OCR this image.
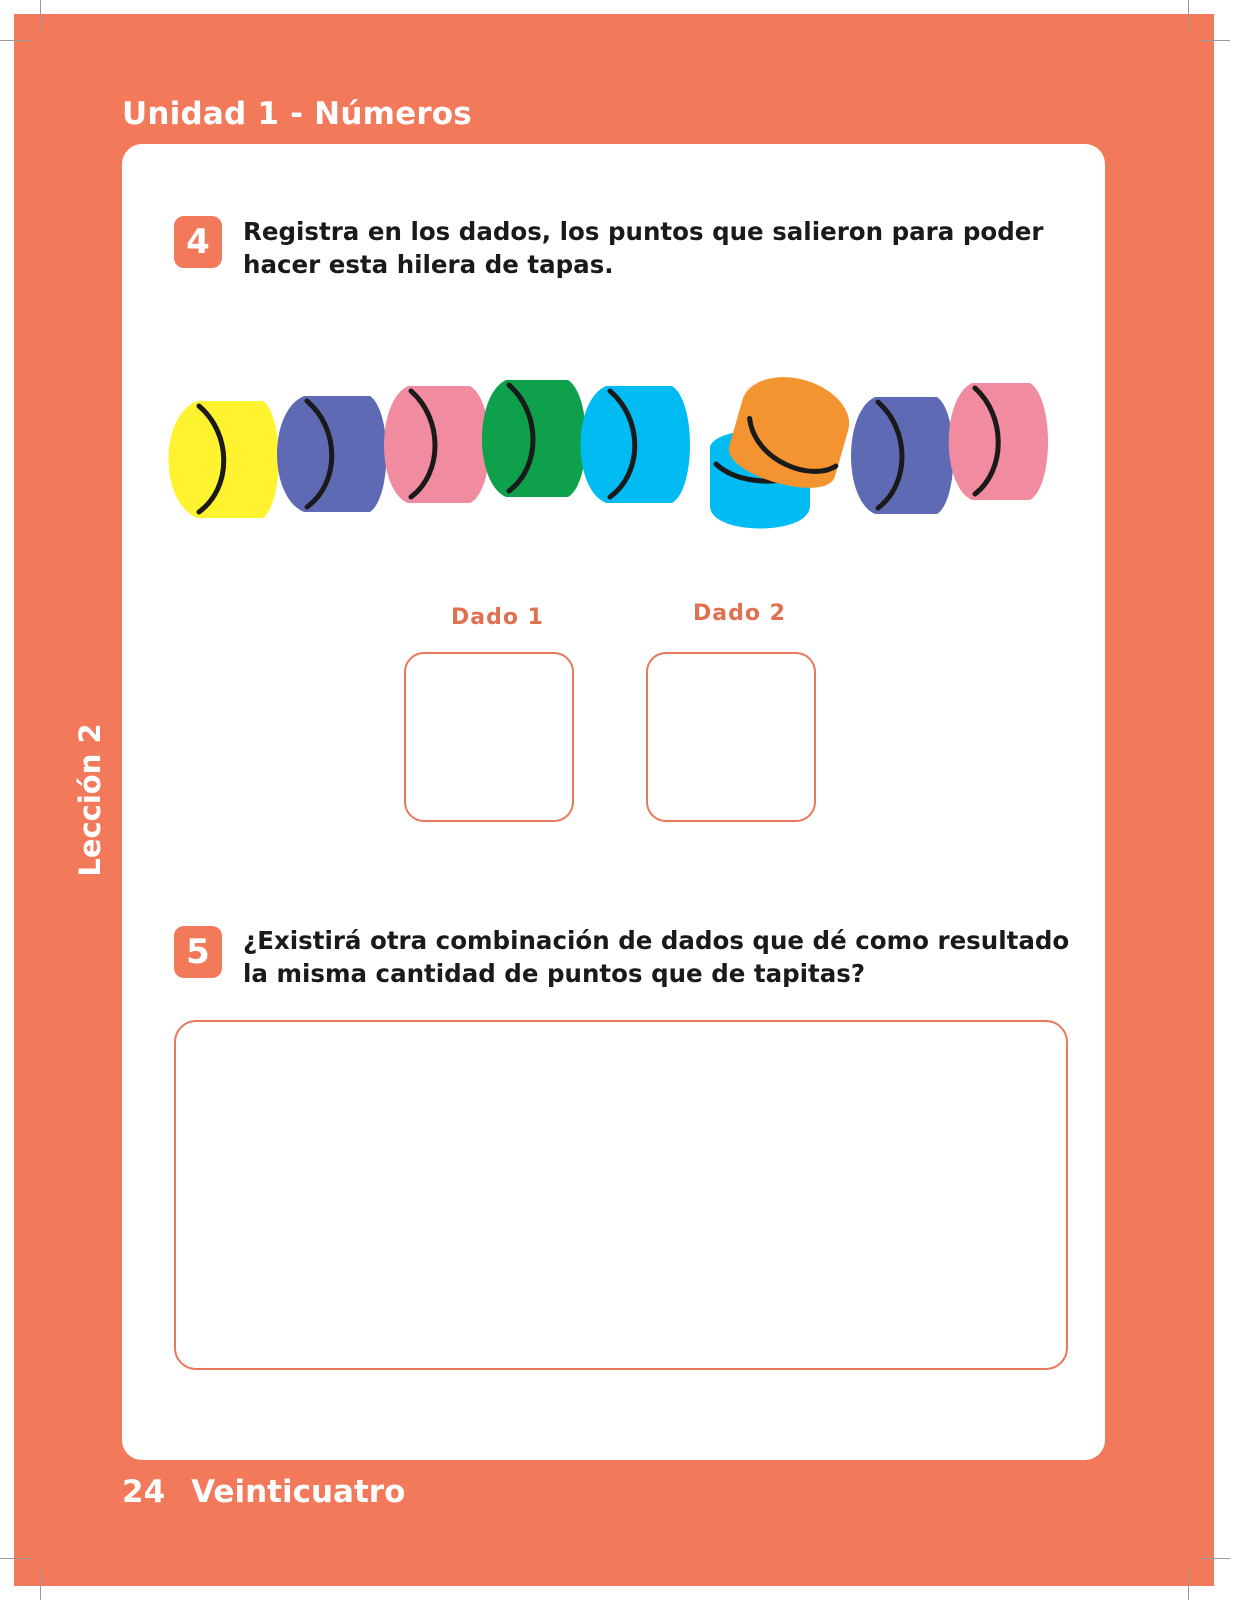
Unidad 1 - Números
Lección 2
4	Registra en los dados, los puntos que salieron para poder
hacer esta hilera de tapas.
Dado 1	Dado 2
5	¿Existirá otra combinación de dados que dé como resultado
la misma cantidad de puntos que de tapitas?
24 Veinticuatro
